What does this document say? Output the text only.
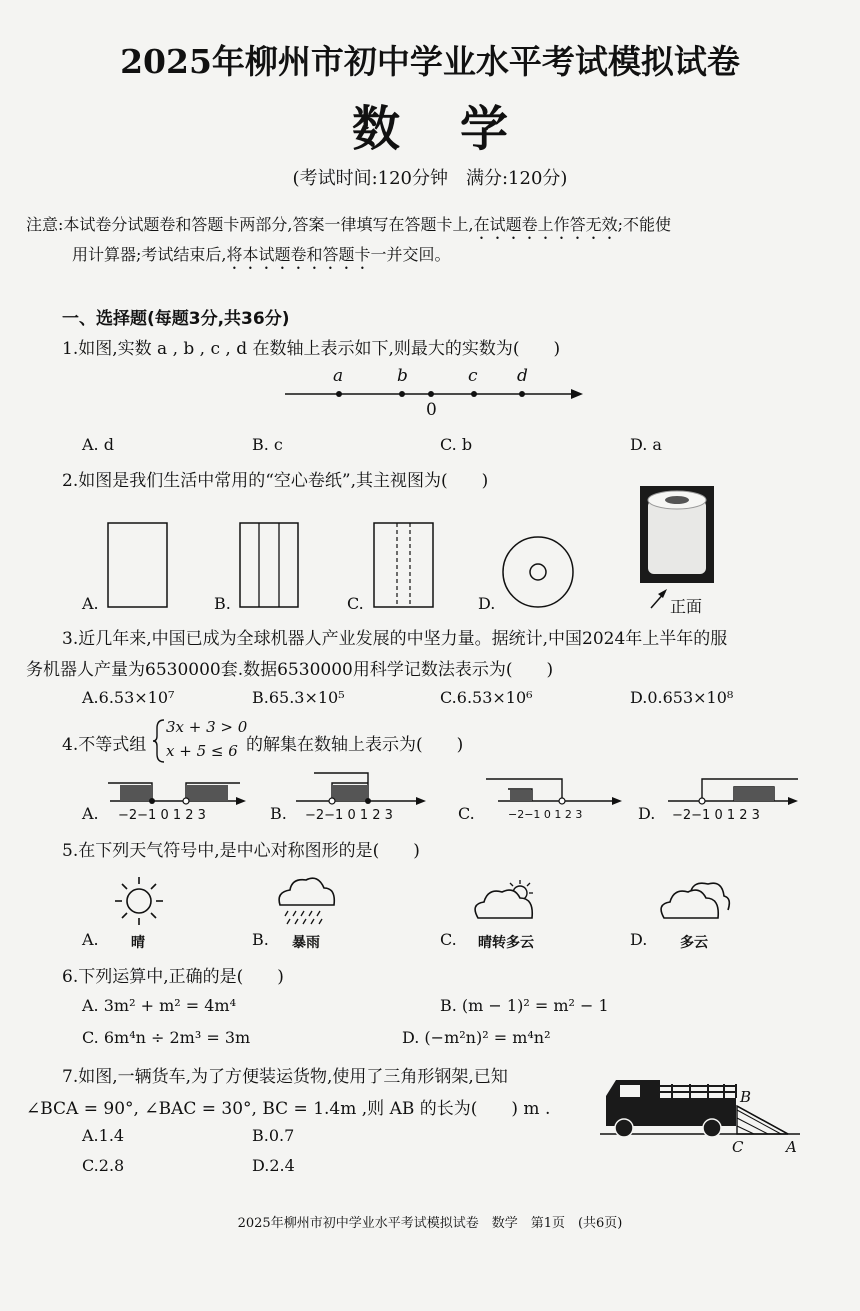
2025年柳州市初中学业水平考试模拟试卷
数学
(考试时间:120分钟　满分:120分)
注意:本试卷分试题卷和答题卡两部分,答案一律填写在答题卡上,在试题卷上作答无效;不能使
用计算器;考试结束后,将本试题卷和答题卡一并交回。
一、选择题(每题3分,共36分)
1.如图,实数 a , b , c , d 在数轴上表示如下,则最大的实数为(　　)
a	b	c d
0
A. d	B. c	C. b	D. a
2.如图是我们生活中常用的“空心卷纸”,其主视图为(　　)
A.	B.	C.	D.	正面
3.近几年来,中国已成为全球机器人产业发展的中坚力量。据统计,中国2024年上半年的服
务机器人产量为6530000套.数据6530000用科学记数法表示为(　　)
A.6.53×10⁷	B.65.3×10⁵	C.6.53×10⁶	D.0.653×10⁸
4.不等式组
3x + 3 > 0
x + 5 ≤ 6 的解集在数轴上表示为(　　)
A. −2−1 0 1 2 3	B. −2−1 0 1 2 3	C.	−2−1 0 1 2 3	D. −2−1 0 1 2 3
5.在下列天气符号中,是中心对称图形的是(　　)
A. 晴	B. 暴雨	C. 晴转多云	D. 多云
6.下列运算中,正确的是(　　)
A. 3m² + m² = 4m⁴	B. (m − 1)² = m² − 1
C. 6m⁴n ÷ 2m³ = 3m	D. (−m²n)² = m⁴n²
7.如图,一辆货车,为了方便装运货物,使用了三角形钢架,已知
∠BCA = 90°, ∠BAC = 30°, BC = 1.4m ,则 AB 的长为(　　) m .
A.1.4	B.0.7
C.2.8	D.2.4
B
C	A
2025年柳州市初中学业水平考试模拟试卷　数学　第1页　(共6页)
